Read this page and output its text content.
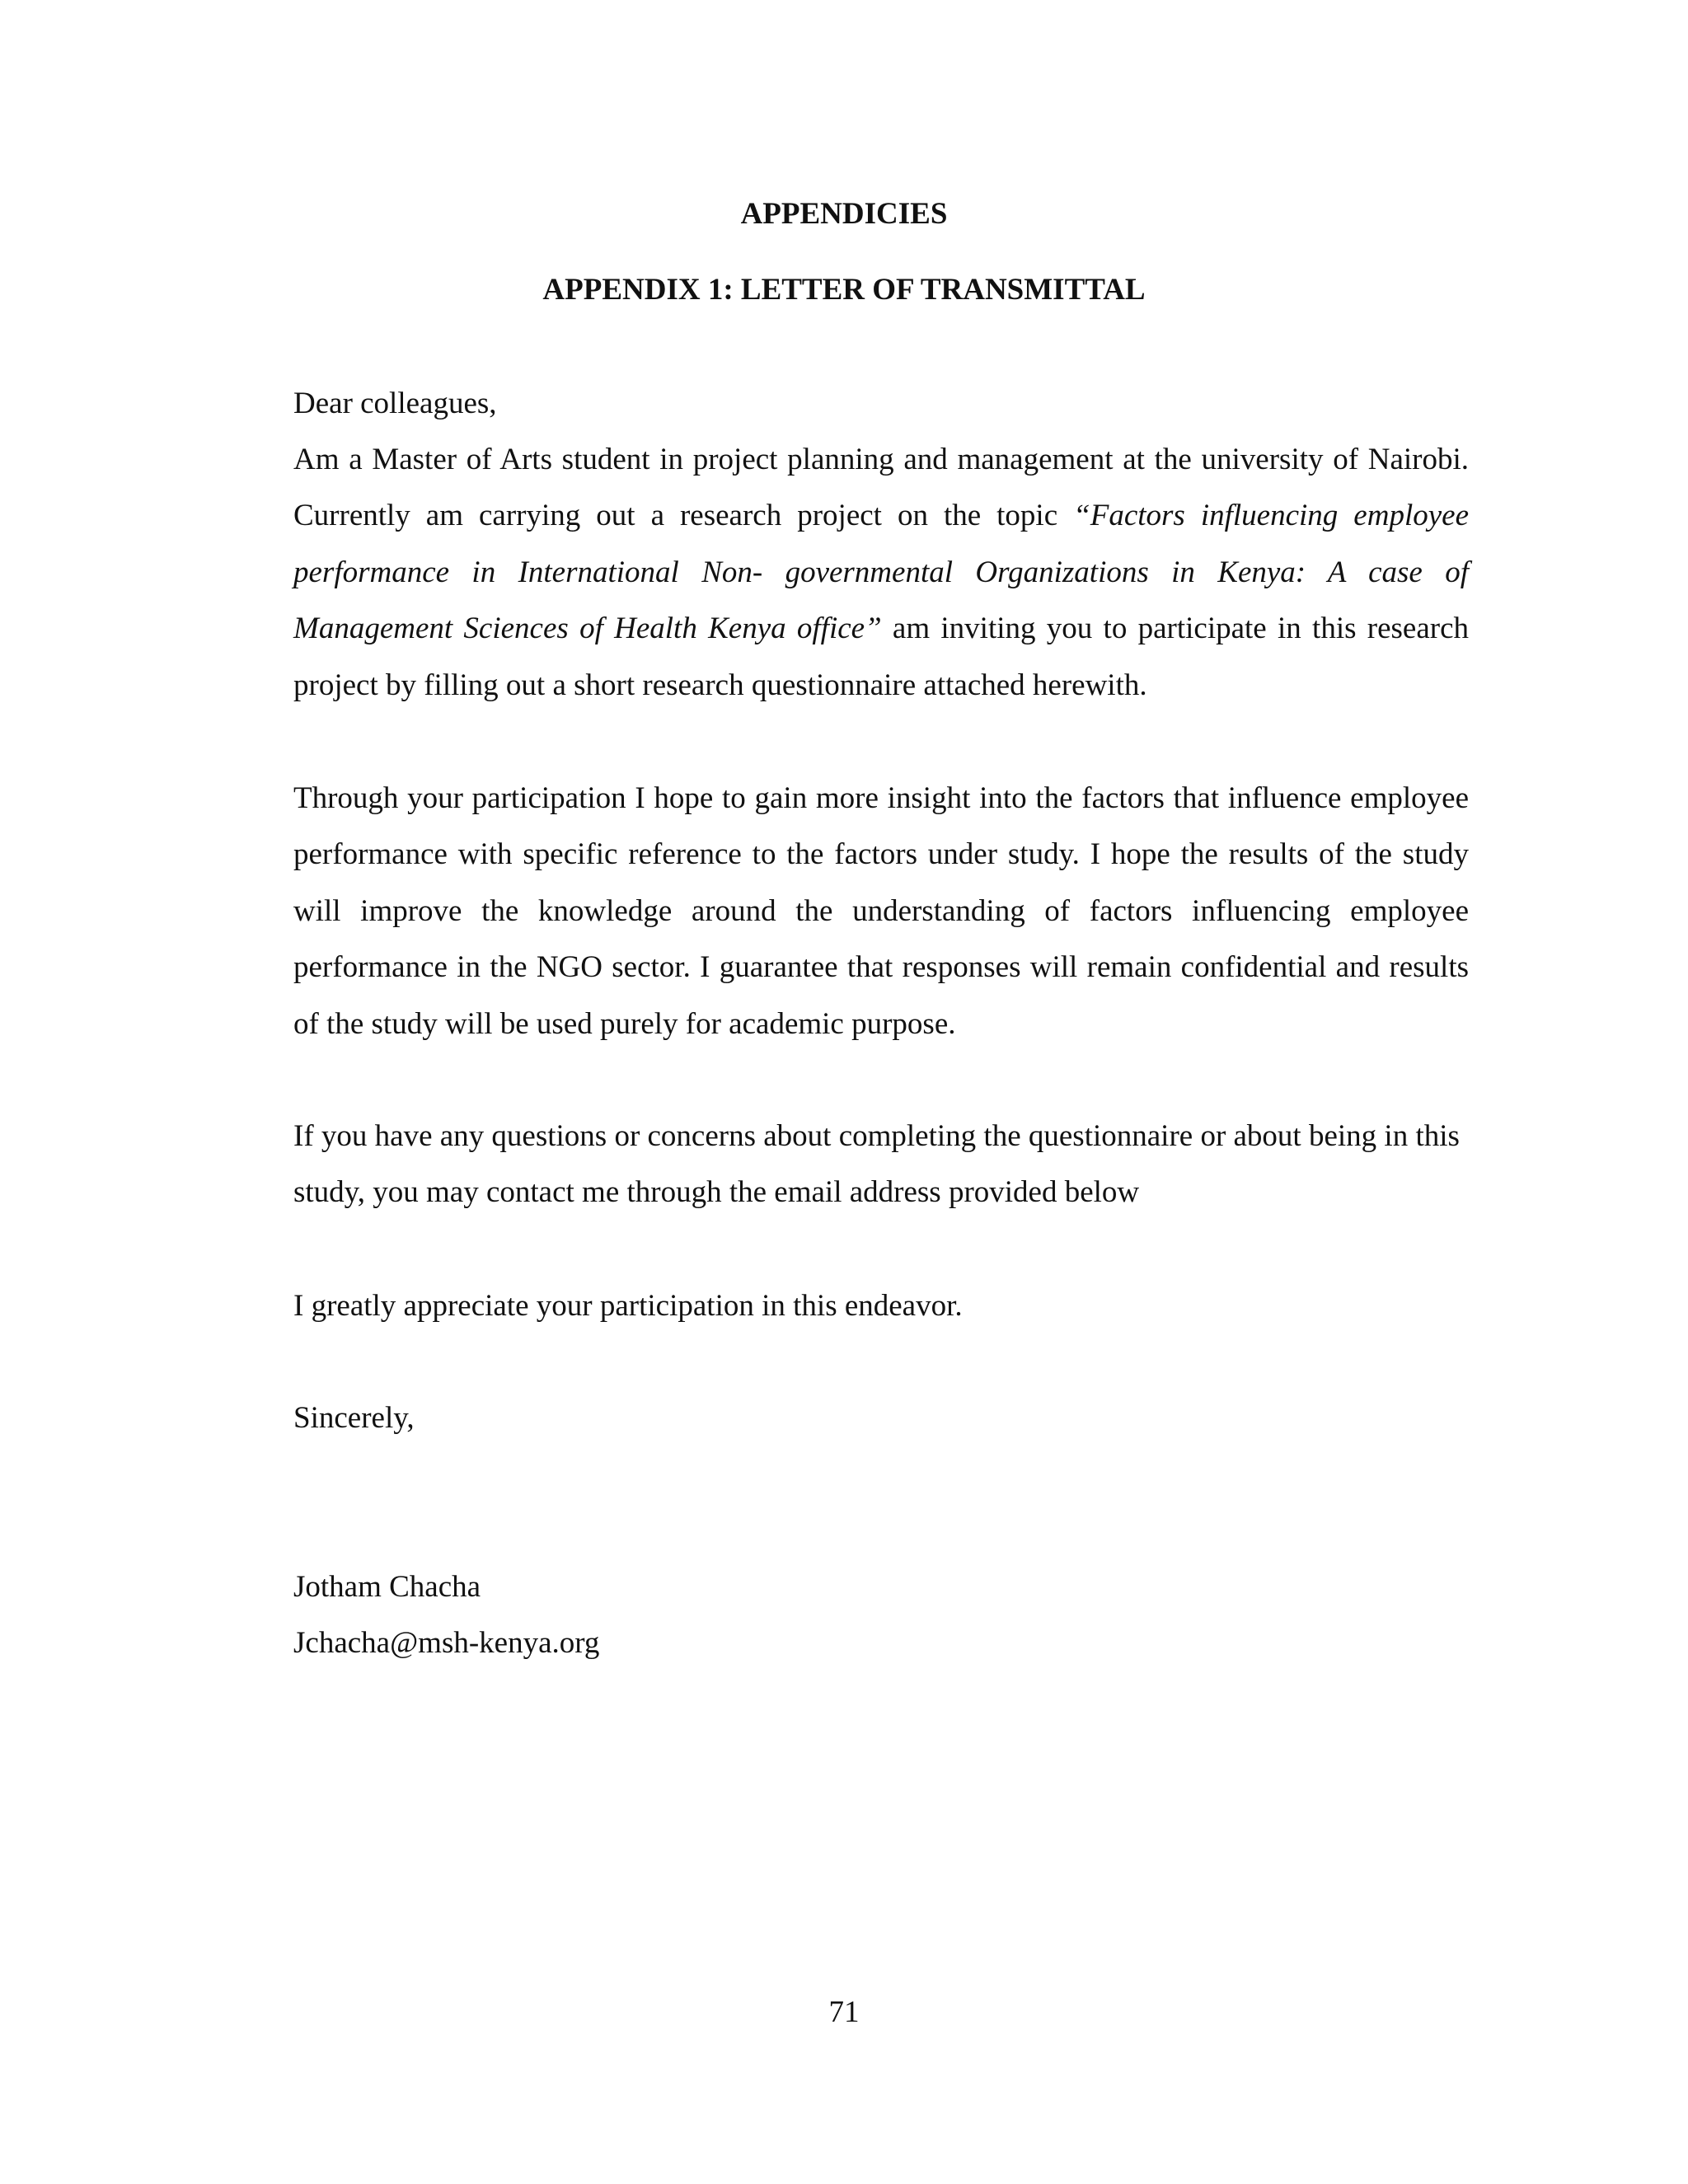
APPENDICIES
APPENDIX 1: LETTER OF TRANSMITTAL

Dear colleagues,

Am a Master of Arts student in project planning and management at the university of Nairobi. Currently am carrying out a research project on the topic “Factors influencing employee performance in International Non- governmental Organizations in Kenya: A case of Management Sciences of Health Kenya office” am inviting you to participate in this research project by filling out a short research questionnaire attached herewith.

Through your participation I hope to gain more insight into the factors that influence employee performance with specific reference to the factors under study. I hope the results of the study will improve the knowledge around the understanding of factors influencing employee performance in the NGO sector. I guarantee that responses will remain confidential and results of the study will be used purely for academic purpose.

If you have any questions or concerns about completing the questionnaire or about being in this study, you may contact me through the email address provided below

I greatly appreciate your participation in this endeavor.

Sincerely,

Jotham Chacha

Jchacha@msh-kenya.org

71
